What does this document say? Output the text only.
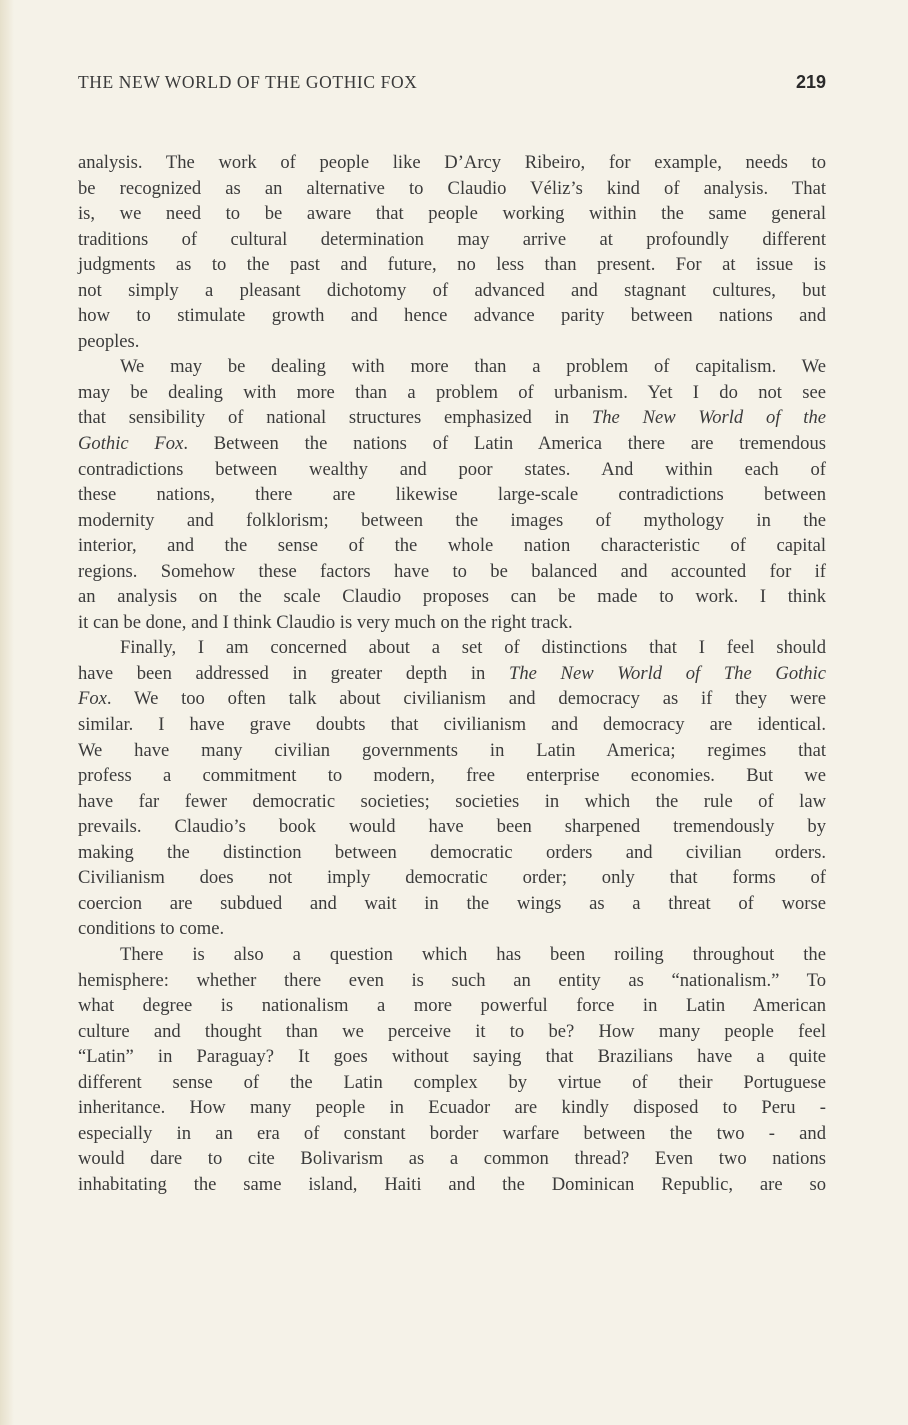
THE NEW WORLD OF THE GOTHIC FOX	219

analysis. The work of people like D’Arcy Ribeiro, for example, needs to
be recognized as an alternative to Claudio Véliz’s kind of analysis. That
is, we need to be aware that people working within the same general
traditions of cultural determination may arrive at profoundly different
judgments as to the past and future, no less than present. For at issue is
not simply a pleasant dichotomy of advanced and stagnant cultures, but
how to stimulate growth and hence advance parity between nations and
peoples.

We may be dealing with more than a problem of capitalism. We
may be dealing with more than a problem of urbanism. Yet I do not see
that sensibility of national structures emphasized in The New World of the
Gothic Fox. Between the nations of Latin America there are tremendous
contradictions between wealthy and poor states. And within each of
these nations, there are likewise large-scale contradictions between
modernity and folklorism; between the images of mythology in the
interior, and the sense of the whole nation characteristic of capital
regions. Somehow these factors have to be balanced and accounted for if
an analysis on the scale Claudio proposes can be made to work. I think
it can be done, and I think Claudio is very much on the right track.

Finally, I am concerned about a set of distinctions that I feel should
have been addressed in greater depth in The New World of The Gothic
Fox. We too often talk about civilianism and democracy as if they were
similar. I have grave doubts that civilianism and democracy are identical.
We have many civilian governments in Latin America; regimes that
profess a commitment to modern, free enterprise economies. But we
have far fewer democratic societies; societies in which the rule of law
prevails. Claudio’s book would have been sharpened tremendously by
making the distinction between democratic orders and civilian orders.
Civilianism does not imply democratic order; only that forms of
coercion are subdued and wait in the wings as a threat of worse
conditions to come.

There is also a question which has been roiling throughout the
hemisphere: whether there even is such an entity as “nationalism.” To
what degree is nationalism a more powerful force in Latin American
culture and thought than we perceive it to be? How many people feel
“Latin” in Paraguay? It goes without saying that Brazilians have a quite
different sense of the Latin complex by virtue of their Portuguese
inheritance. How many people in Ecuador are kindly disposed to Peru -
especially in an era of constant border warfare between the two - and
would dare to cite Bolivarism as a common thread? Even two nations
inhabitating the same island, Haiti and the Dominican Republic, are so
